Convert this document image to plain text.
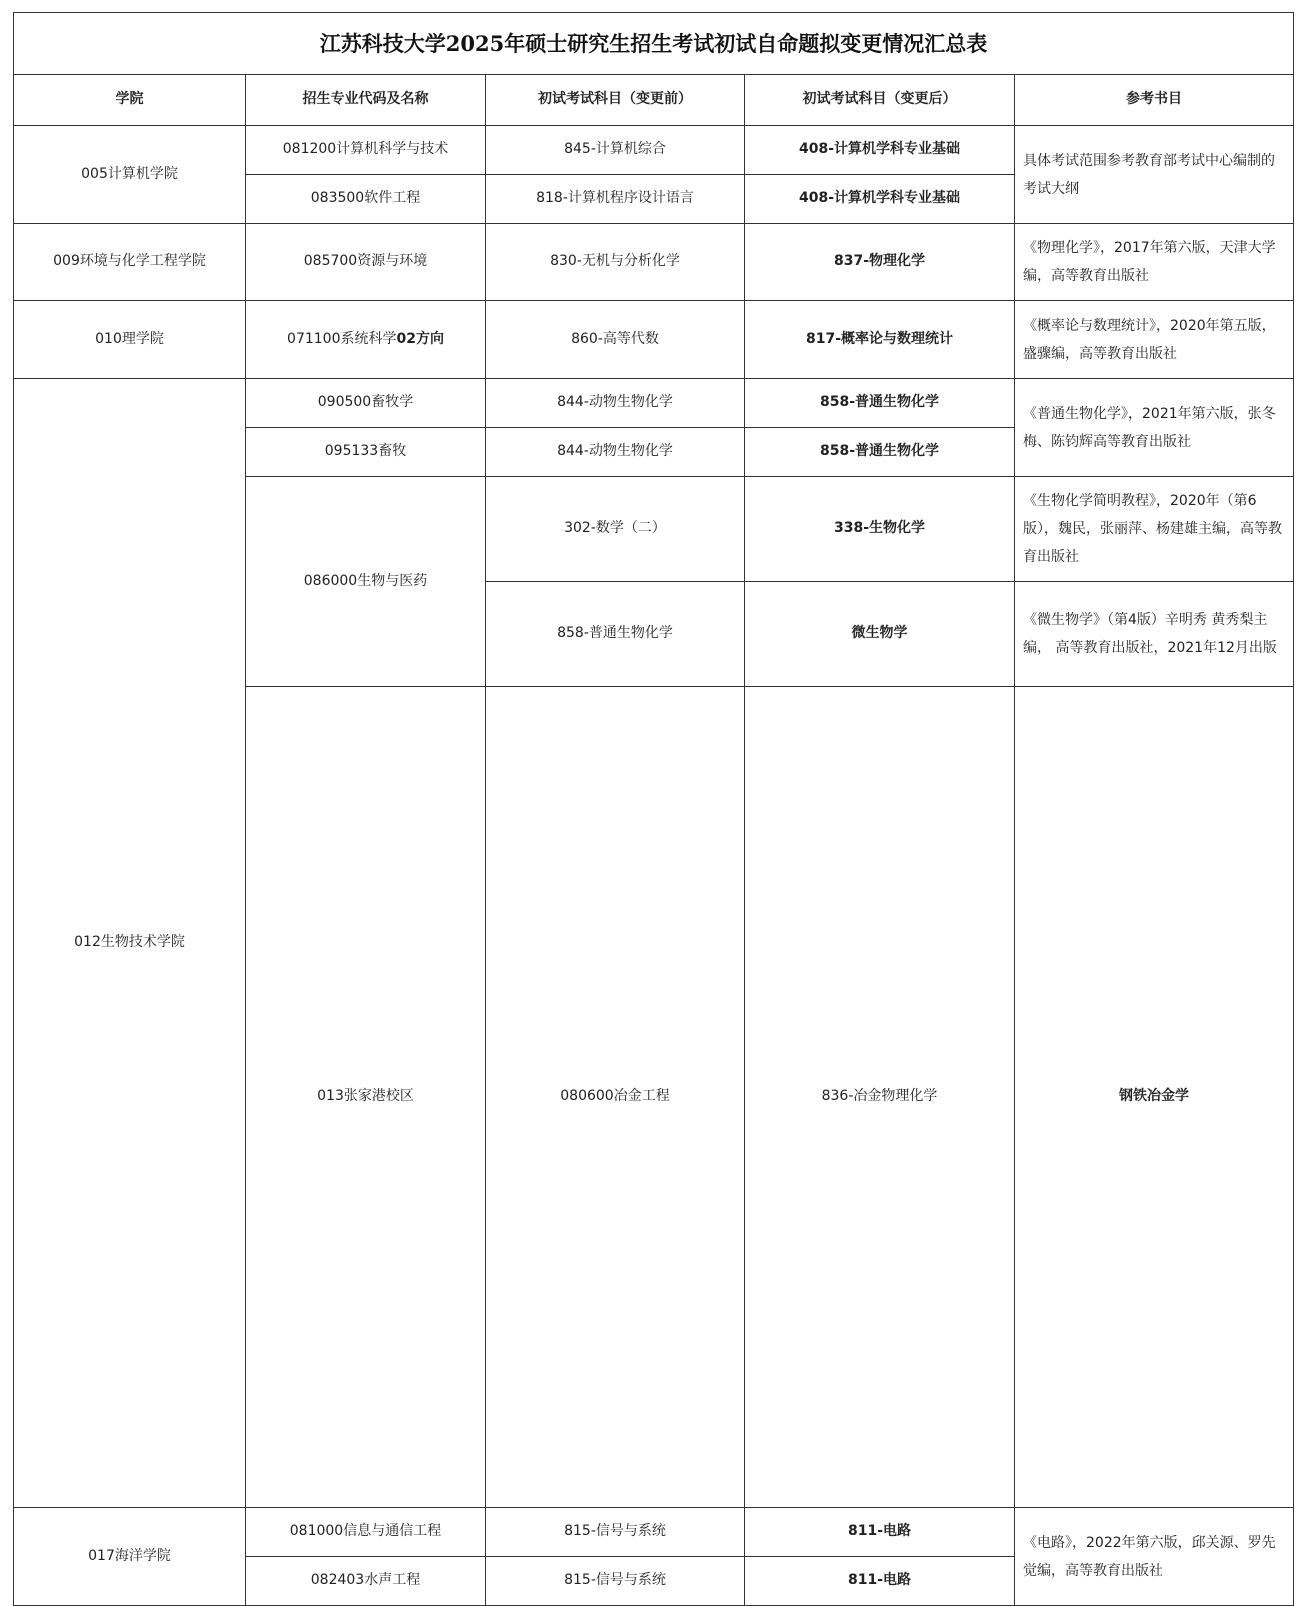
江苏科技大学2025年硕士研究生招生考试初试自命题拟变更情况汇总表					
学院	招生专业代码及名称	初试考试科目（变更前）	初试考试科目（变更后）	参考书目	
005计算机学院	081200计算机科学与技术	845-计算机综合	408-计算机学科专业基础	具体考试范围参考教育部考试中心编制的考试大纲	
	083500软件工程	818-计算机程序设计语言	408-计算机学科专业基础		
009环境与化学工程学院	085700资源与环境	830-无机与分析化学	837-物理化学	《物理化学》，2017年第六版，天津大学编，高等教育出版社	
010理学院	071100系统科学02方向	860-高等代数	817-概率论与数理统计	《概率论与数理统计》，2020年第五版，盛骤编，高等教育出版社	
012生物技术学院	090500畜牧学	844-动物生物化学	858-普通生物化学	《普通生物化学》，2021年第六版，张冬梅、陈钧辉高等教育出版社	
	095133畜牧	844-动物生物化学	858-普通生物化学		
	086000生物与医药	302-数学（二）	338-生物化学	《生物化学简明教程》，2020年（第6版），魏民，张丽萍、杨建雄主编，高等教育出版社	
		858-普通生物化学	微生物学	《微生物学》（第4版）辛明秀 黄秀梨主编， 高等教育出版社，2021年12月出版	
	013张家港校区	080600冶金工程	836-冶金物理化学	钢铁冶金学	
017海洋学院	081000信息与通信工程	815-信号与系统	811-电路	《电路》，2022年第六版，邱关源、罗先觉编，高等教育出版社	
	082403水声工程	815-信号与系统	811-电路		
